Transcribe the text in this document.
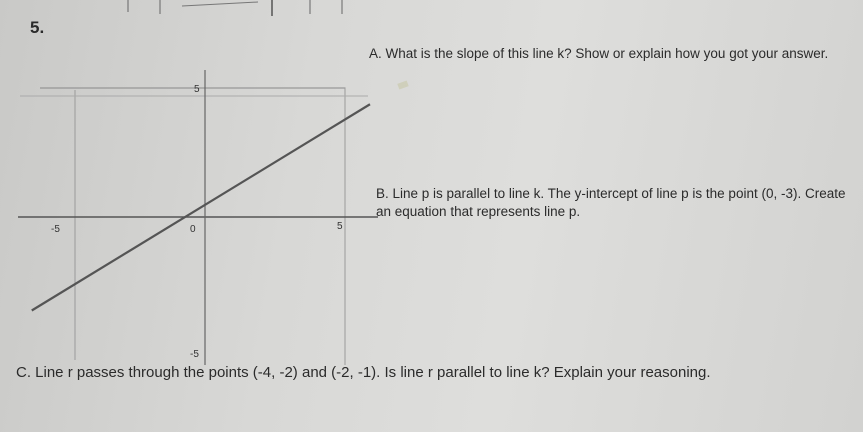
5.
5
-5	0	5
-5
A. What is the slope of this line k? Show or explain how you got your answer.
B. Line p is parallel to line k. The y-intercept of line p is the point (0, -3). Create an equation that represents line p.
C. Line r passes through the points (-4, -2) and (-2, -1). Is line r parallel to line k? Explain your reasoning.
